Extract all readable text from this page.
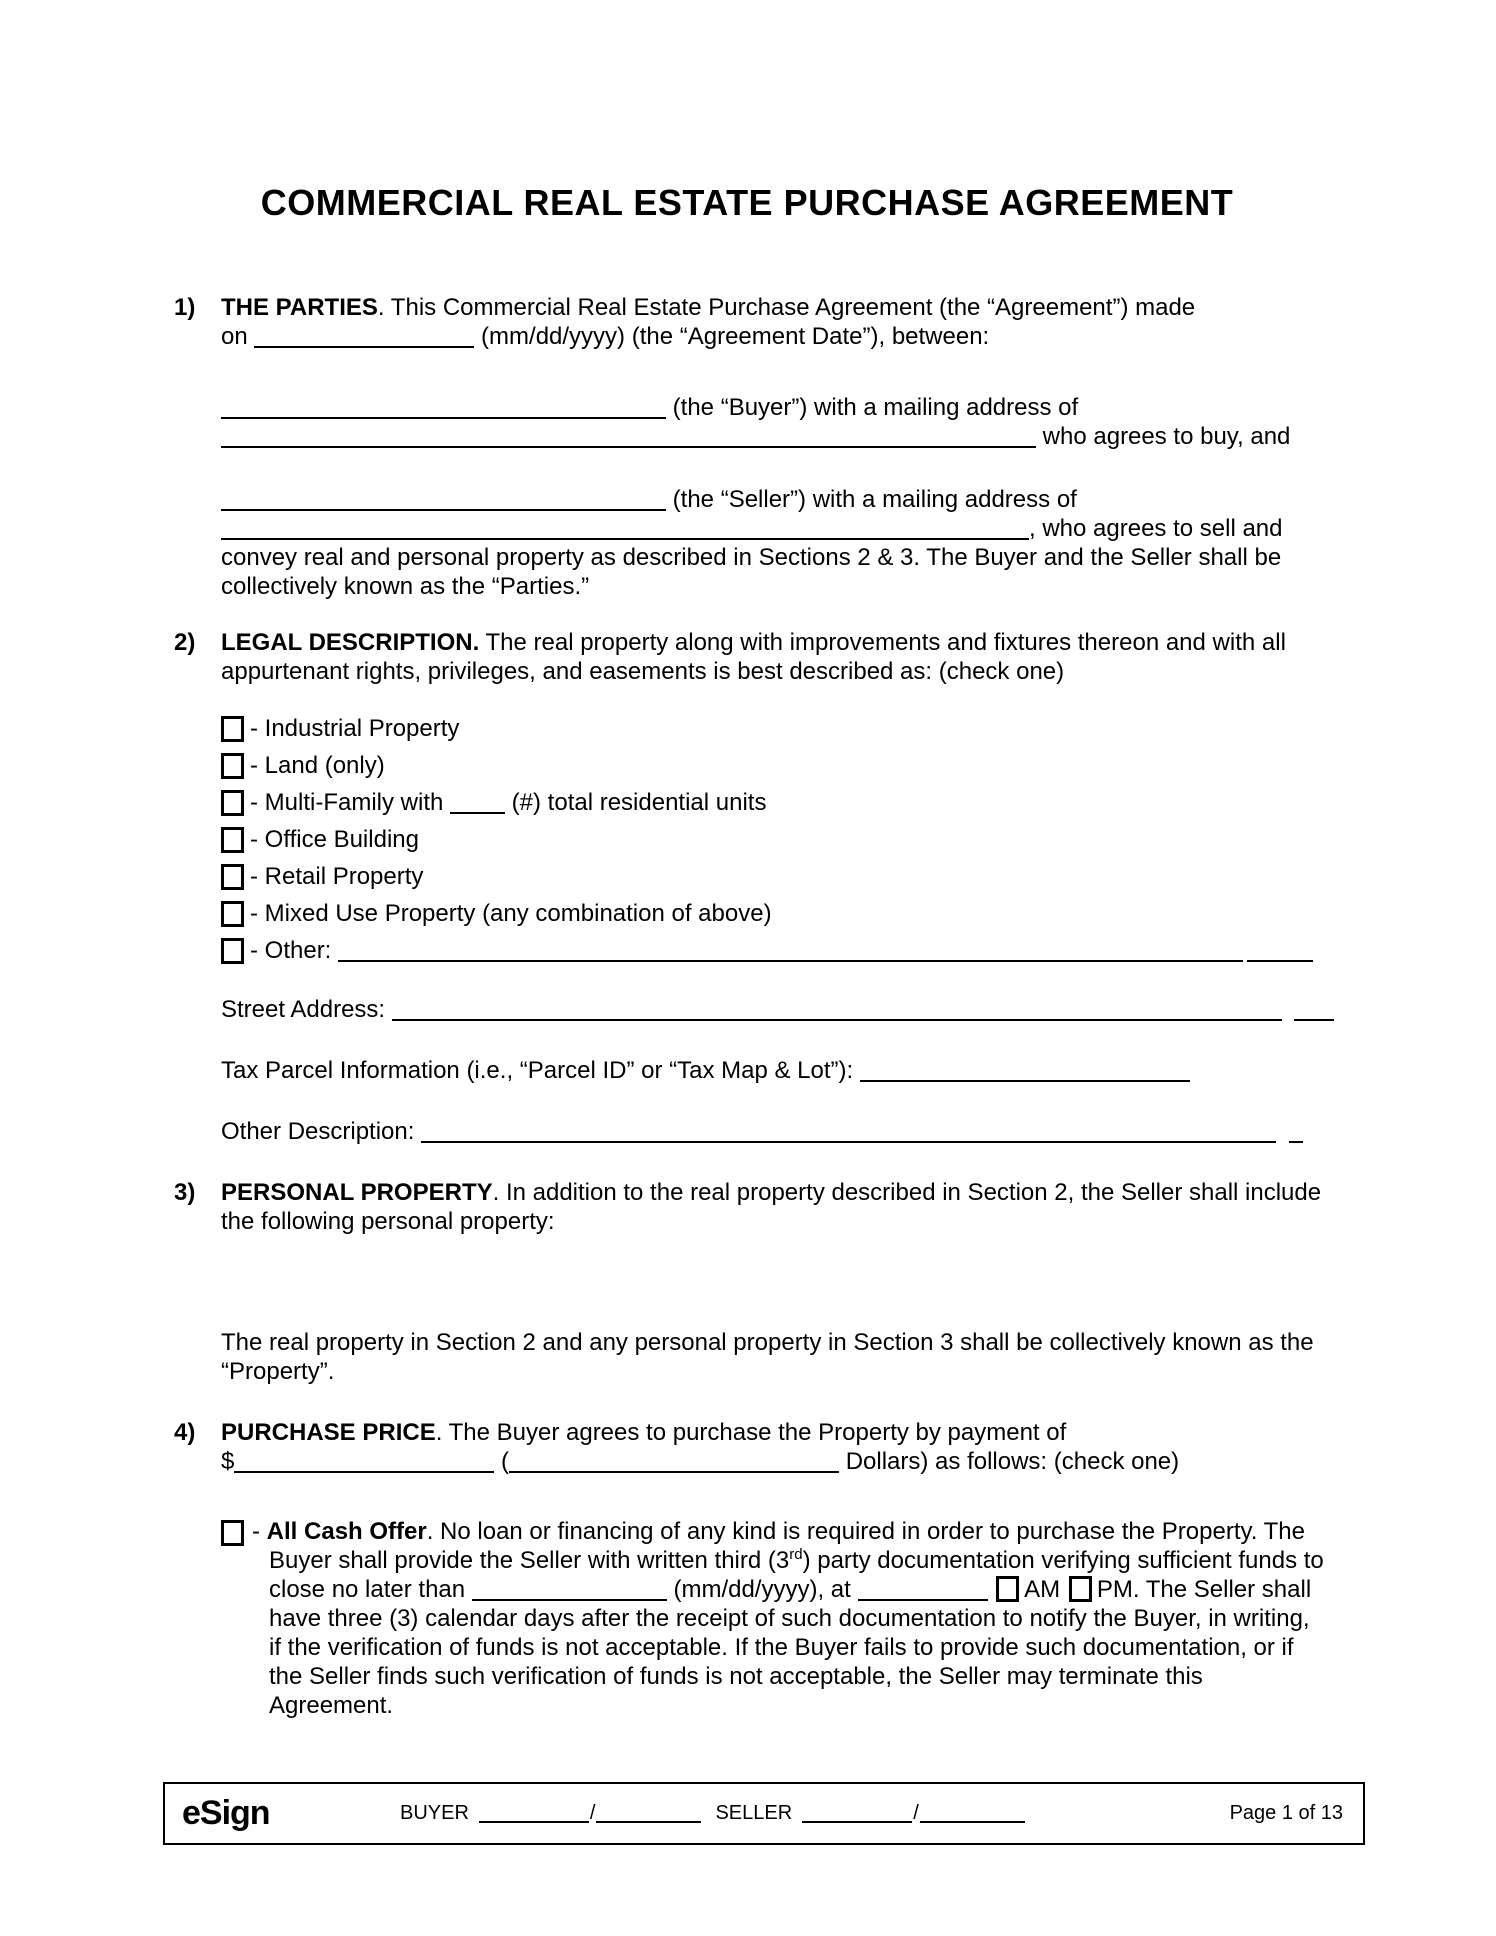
COMMERCIAL REAL ESTATE PURCHASE AGREEMENT
1) THE PARTIES. This Commercial Real Estate Purchase Agreement (the “Agreement”) made on	(mm/dd/yyyy) (the “Agreement Date”), between:
(the “Buyer”) with a mailing address of  who agrees to buy, and
(the “Seller”) with a mailing address of , who agrees to sell and convey real and personal property as described in Sections 2 & 3. The Buyer and the Seller shall be collectively known as the “Parties.”
2) LEGAL DESCRIPTION. The real property along with improvements and fixtures thereon and with all appurtenant rights, privileges, and easements is best described as: (check one)
- Industrial Property
- Land (only)
- Multi-Family with (#) total residential units
- Office Building
- Retail Property
- Mixed Use Property (any combination of above)
- Other:
Street Address:
Tax Parcel Information (i.e., “Parcel ID” or “Tax Map & Lot”):
Other Description:
3) PERSONAL PROPERTY. In addition to the real property described in Section 2, the Seller shall include the following personal property:
The real property in Section 2 and any personal property in Section 3 shall be collectively known as the “Property”.
4) PURCHASE PRICE. The Buyer agrees to purchase the Property by payment of $	(	Dollars) as follows: (check one)
- All Cash Offer. No loan or financing of any kind is required in order to purchase the Property. The Buyer shall provide the Seller with written third (3rd) party documentation verifying sufficient funds to close no later than	(mm/dd/yyyy), at	AM PM. The Seller shall have three (3) calendar days after the receipt of such documentation to notify the Buyer, in writing, if the verification of funds is not acceptable. If the Buyer fails to provide such documentation, or if the Seller finds such verification of funds is not acceptable, the Seller may terminate this Agreement.
eSign	BUYER	/	SELLER	/	Page 1 of 13
